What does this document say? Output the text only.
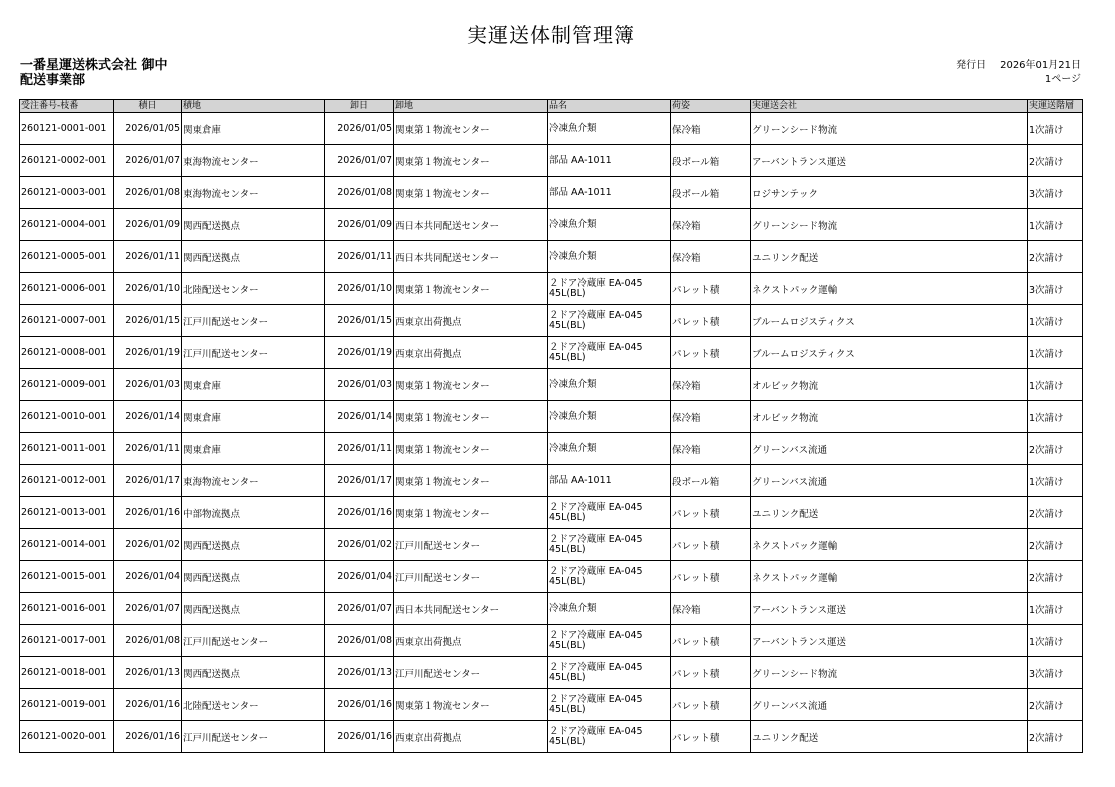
実運送体制管理簿
一番星運送株式会社 御中
配送事業部
発行日 2026年01月21日
1ページ
受注番号-枝番	積日	積地	卸日	卸地	品名	荷姿	実運送会社	実運送階層
260121-0001-001	2026/01/05	関東倉庫	2026/01/05	関東第１物流センター	冷凍魚介類	保冷箱	グリーンシード物流	1次請け
260121-0002-001	2026/01/07	東海物流センター	2026/01/07	関東第１物流センター	部品 AA-1011	段ボール箱	アーバントランス運送	2次請け
260121-0003-001	2026/01/08	東海物流センター	2026/01/08	関東第１物流センター	部品 AA-1011	段ボール箱	ロジサンテック	3次請け
260121-0004-001	2026/01/09	関西配送拠点	2026/01/09	西日本共同配送センター	冷凍魚介類	保冷箱	グリーンシード物流	1次請け
260121-0005-001	2026/01/11	関西配送拠点	2026/01/11	西日本共同配送センター	冷凍魚介類	保冷箱	ユニリンク配送	2次請け
260121-0006-001	2026/01/10	北陸配送センター	2026/01/10	関東第１物流センター	２ドア冷蔵庫 EA-045 45L(BL)	パレット積	ネクストパック運輸	3次請け
260121-0007-001	2026/01/15	江戸川配送センター	2026/01/15	西東京出荷拠点	２ドア冷蔵庫 EA-045 45L(BL)	パレット積	ブルームロジスティクス	1次請け
260121-0008-001	2026/01/19	江戸川配送センター	2026/01/19	西東京出荷拠点	２ドア冷蔵庫 EA-045 45L(BL)	パレット積	ブルームロジスティクス	1次請け
260121-0009-001	2026/01/03	関東倉庫	2026/01/03	関東第１物流センター	冷凍魚介類	保冷箱	オルビック物流	1次請け
260121-0010-001	2026/01/14	関東倉庫	2026/01/14	関東第１物流センター	冷凍魚介類	保冷箱	オルビック物流	1次請け
260121-0011-001	2026/01/11	関東倉庫	2026/01/11	関東第１物流センター	冷凍魚介類	保冷箱	グリーンバス流通	2次請け
260121-0012-001	2026/01/17	東海物流センター	2026/01/17	関東第１物流センター	部品 AA-1011	段ボール箱	グリーンバス流通	1次請け
260121-0013-001	2026/01/16	中部物流拠点	2026/01/16	関東第１物流センター	２ドア冷蔵庫 EA-045 45L(BL)	パレット積	ユニリンク配送	2次請け
260121-0014-001	2026/01/02	関西配送拠点	2026/01/02	江戸川配送センター	２ドア冷蔵庫 EA-045 45L(BL)	パレット積	ネクストパック運輸	2次請け
260121-0015-001	2026/01/04	関西配送拠点	2026/01/04	江戸川配送センター	２ドア冷蔵庫 EA-045 45L(BL)	パレット積	ネクストパック運輸	2次請け
260121-0016-001	2026/01/07	関西配送拠点	2026/01/07	西日本共同配送センター	冷凍魚介類	保冷箱	アーバントランス運送	1次請け
260121-0017-001	2026/01/08	江戸川配送センター	2026/01/08	西東京出荷拠点	２ドア冷蔵庫 EA-045 45L(BL)	パレット積	アーバントランス運送	1次請け
260121-0018-001	2026/01/13	関西配送拠点	2026/01/13	江戸川配送センター	２ドア冷蔵庫 EA-045 45L(BL)	パレット積	グリーンシード物流	3次請け
260121-0019-001	2026/01/16	北陸配送センター	2026/01/16	関東第１物流センター	２ドア冷蔵庫 EA-045 45L(BL)	パレット積	グリーンバス流通	2次請け
260121-0020-001	2026/01/16	江戸川配送センター	2026/01/16	西東京出荷拠点	２ドア冷蔵庫 EA-045 45L(BL)	パレット積	ユニリンク配送	2次請け
